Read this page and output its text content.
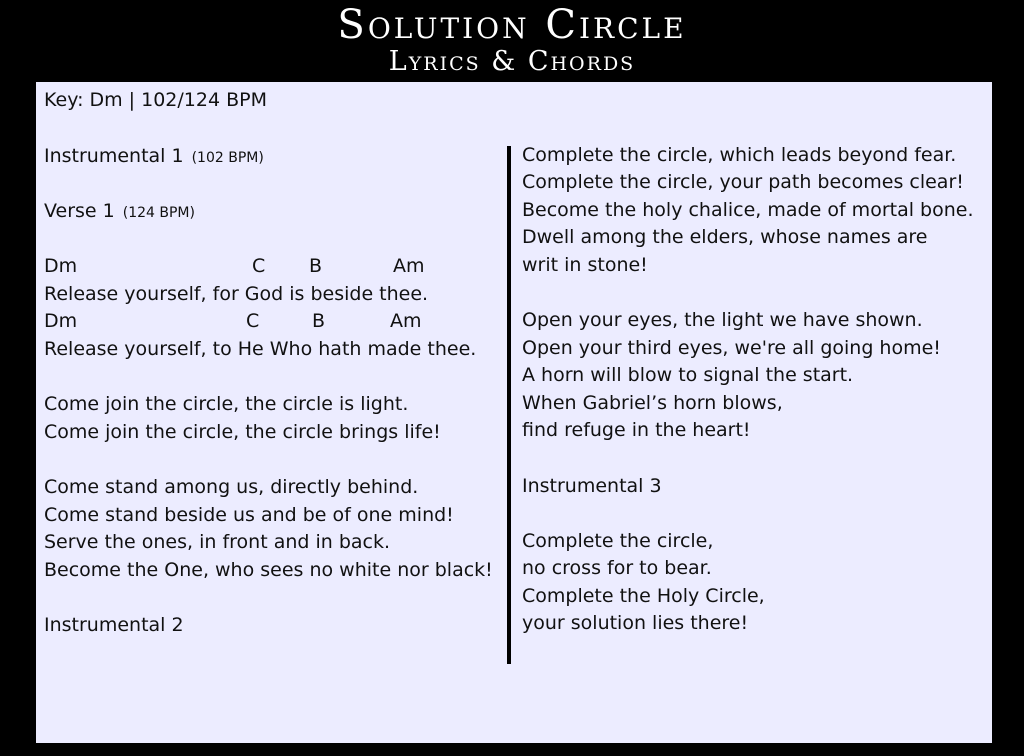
Solution Circle
Lyrics & Chords
Key: Dm | 102/124 BPM
Instrumental 1 (102 BPM)
Verse 1 (124 BPM)
Dm	C B	Am
Release yourself, for God is beside thee.
Dm	C	B	Am
Release yourself, to He Who hath made thee.
Come join the circle, the circle is light.
Come join the circle, the circle brings life!
Come stand among us, directly behind.
Come stand beside us and be of one mind!
Serve the ones, in front and in back.
Become the One, who sees no white nor black!
Instrumental 2
Complete the circle, which leads beyond fear.
Complete the circle, your path becomes clear!
Become the holy chalice, made of mortal bone.
Dwell among the elders, whose names are
writ in stone!
Open your eyes, the light we have shown.
Open your third eyes, we're all going home!
A horn will blow to signal the start.
When Gabriel’s horn blows,
find refuge in the heart!
Instrumental 3
Complete the circle,
no cross for to bear.
Complete the Holy Circle,
your solution lies there!
